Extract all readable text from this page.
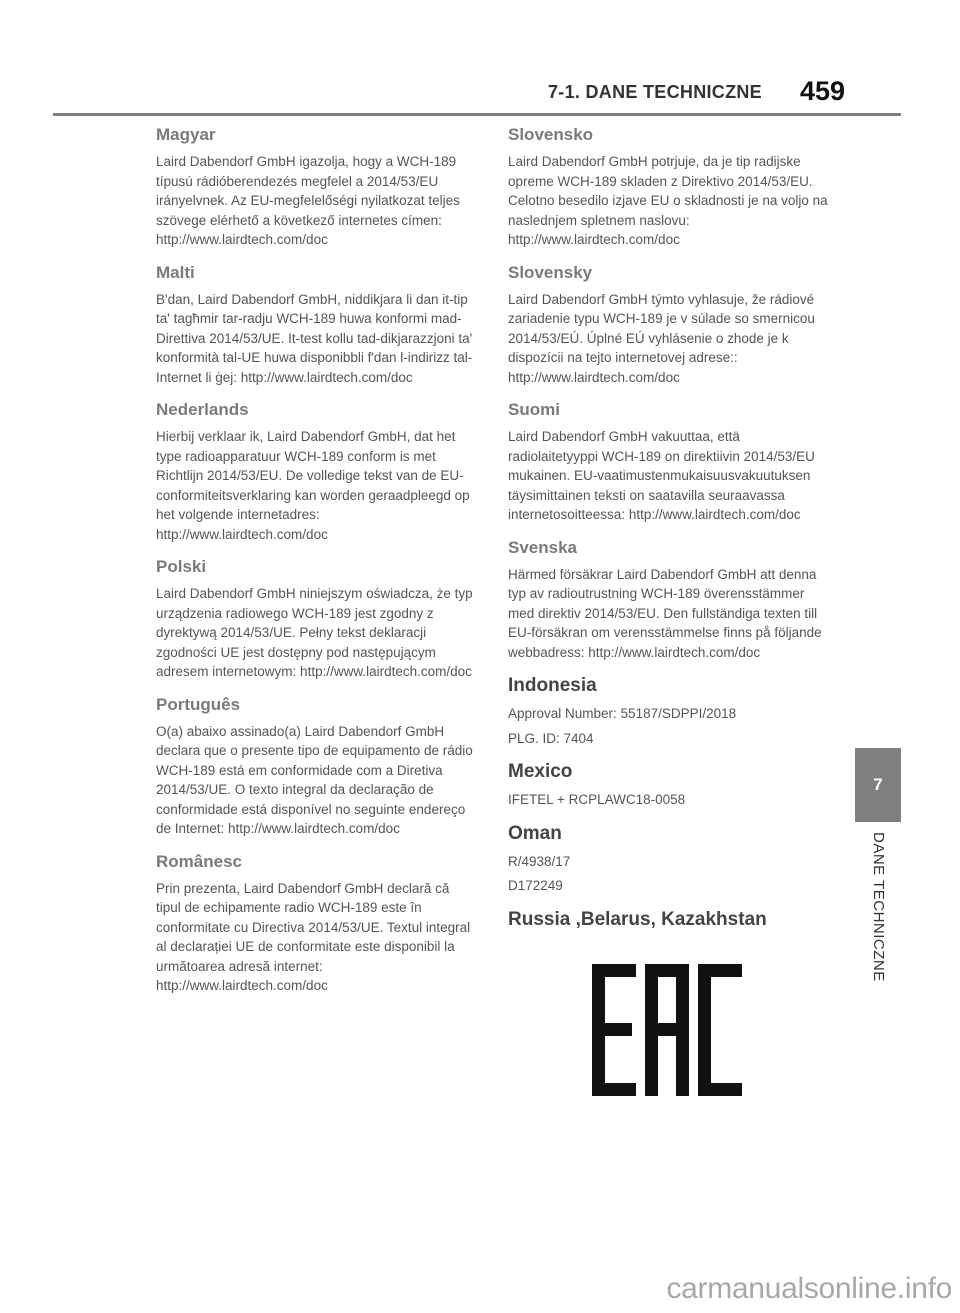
7-1. DANE TECHNICZNE 459
Magyar

Laird Dabendorf GmbH igazolja, hogy a WCH-189 típusú rádióberendezés megfelel a 2014/53/EU irányelvnek. Az EU-megfelelőségi nyilatkozat teljes szövege elérhető a következő internetes címen: http://www.lairdtech.com/doc

Malti

B'dan, Laird Dabendorf GmbH, niddikjara li dan it-tip ta' tagħmir tar-radju WCH-189 huwa konformi mad-Direttiva 2014/53/UE. It-test kollu tad-dikjarazzjoni ta' konformità tal-UE huwa disponibbli f'dan l-indirizz tal-Internet li ġej: http://www.lairdtech.com/doc

Nederlands

Hierbij verklaar ik, Laird Dabendorf GmbH, dat het type radioapparatuur WCH-189 conform is met Richtlijn 2014/53/EU. De volledige tekst van de EU-conformiteitsverklaring kan worden geraadpleegd op het volgende internetadres: http://www.lairdtech.com/doc

Polski

Laird Dabendorf GmbH niniejszym oświadcza, że typ urządzenia radiowego WCH-189 jest zgodny z dyrektywą 2014/53/UE. Pełny tekst deklaracji zgodności UE jest dostępny pod następującym adresem internetowym: http://www.lairdtech.com/doc

Português

O(a) abaixo assinado(a) Laird Dabendorf GmbH declara que o presente tipo de equipamento de rádio WCH-189 está em conformidade com a Diretiva 2014/53/UE. O texto integral da declaração de conformidade está disponível no seguinte endereço de Internet: http://www.lairdtech.com/doc

Românesc

Prin prezenta, Laird Dabendorf GmbH declară că tipul de echipamente radio WCH-189 este în conformitate cu Directiva 2014/53/UE. Textul integral al declarației UE de conformitate este disponibil la următoarea adresă internet: http://www.lairdtech.com/doc

Slovensko

Laird Dabendorf GmbH potrjuje, da je tip radijske opreme WCH-189 skladen z Direktivo 2014/53/EU. Celotno besedilo izjave EU o skladnosti je na voljo na naslednjem spletnem naslovu: http://www.lairdtech.com/doc

Slovensky

Laird Dabendorf GmbH týmto vyhlasuje, že rádiové zariadenie typu WCH-189 je v súlade so smernicou 2014/53/EÚ. Úplné EÚ vyhlásenie o zhode je k dispozícii na tejto internetovej adrese:: http://www.lairdtech.com/doc

Suomi

Laird Dabendorf GmbH vakuuttaa, että radiolaitetyyppi WCH-189 on direktiivin 2014/53/EU mukainen. EU-vaatimustenmukaisuusvakuutuksen täysimittainen teksti on saatavilla seuraavassa internetosoitteessa: http://www.lairdtech.com/doc

Svenska

Härmed försäkrar Laird Dabendorf GmbH att denna typ av radioutrustning WCH-189 överensstämmer med direktiv 2014/53/EU. Den fullständiga texten till EU-försäkran om verensstämmelse finns på följande webbadress: http://www.lairdtech.com/doc

Indonesia
Approval Number: 55187/SDPPI/2018
PLG. ID: 7404
Mexico
IFETEL + RCPLAWC18-0058
Oman
R/4938/17
D172249
Russia ,Belarus, Kazakhstan
7
DANE TECHNICZNE
carmanualsonline.info
